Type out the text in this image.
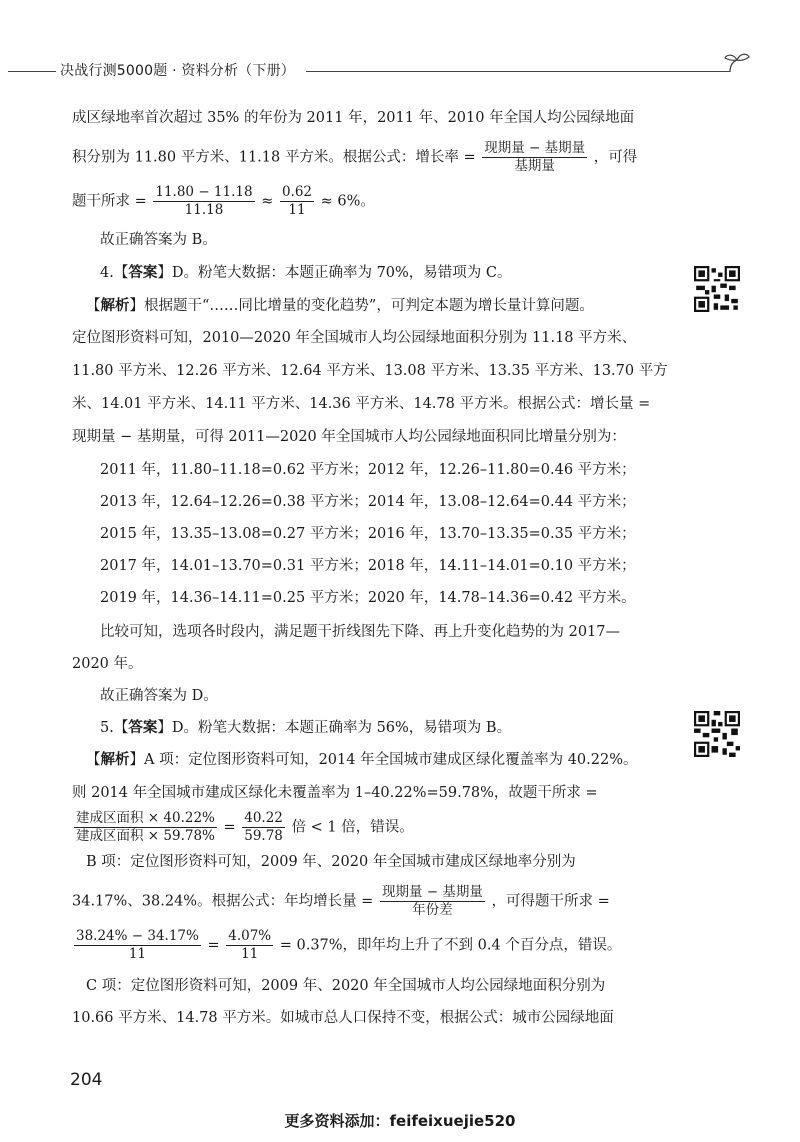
决战行测5000题 · 资料分析（下册）
成区绿地率首次超过 35% 的年份为 2011 年，2011 年、2010 年全国人均公园绿地面
积分别为 11.80 平方米、11.18 平方米。根据公式：增长率 = $\frac{\text{现期量 − 基期量}}{\text{基期量}}$ ，可得
题干所求 = $\frac{11.80 - 11.18}{11.18} \approx \frac{0.62}{11} \approx 6\%$。
故正确答案为 B。
4.【答案】D。粉笔大数据：本题正确率为 70%，易错项为 C。
【解析】根据题干“……同比增量的变化趋势”，可判定本题为增长量计算问题。
定位图形资料可知，2010—2020 年全国城市人均公园绿地面积分别为 11.18 平方米、
11.80 平方米、12.26 平方米、12.64 平方米、13.08 平方米、13.35 平方米、13.70 平方
米、14.01 平方米、14.11 平方米、14.36 平方米、14.78 平方米。根据公式：增长量 =
现期量 − 基期量，可得 2011—2020 年全国城市人均公园绿地面积同比增量分别为：
2011 年，11.80–11.18=0.62 平方米；2012 年，12.26–11.80=0.46 平方米；
2013 年，12.64–12.26=0.38 平方米；2014 年，13.08–12.64=0.44 平方米；
2015 年，13.35–13.08=0.27 平方米；2016 年，13.70–13.35=0.35 平方米；
2017 年，14.01–13.70=0.31 平方米；2018 年，14.11–14.01=0.10 平方米；
2019 年，14.36–14.11=0.25 平方米；2020 年，14.78–14.36=0.42 平方米。
比较可知，选项各时段内，满足题干折线图先下降、再上升变化趋势的为 2017—
2020 年。
故正确答案为 D。
5.【答案】D。粉笔大数据：本题正确率为 56%，易错项为 B。
【解析】A 项：定位图形资料可知，2014 年全国城市建成区绿化覆盖率为 40.22%。
则 2014 年全国城市建成区绿化未覆盖率为 1–40.22%=59.78%，故题干所求 =
$\frac{\text{建成区面积 × 40.22\%}}{\text{建成区面积 × 59.78\%}} = \frac{40.22}{59.78}$ 倍 < 1 倍，错误。
B 项：定位图形资料可知，2009 年、2020 年全国城市建成区绿地率分别为
34.17%、38.24%。根据公式：年均增长量 = $\frac{\text{现期量 − 基期量}}{\text{年份差}}$ ，可得题干所求 =
$\frac{38.24\% - 34.17\%}{11} = \frac{4.07\%}{11} = 0.37\%$，即年均上升了不到 0.4 个百分点，错误。
C 项：定位图形资料可知，2009 年、2020 年全国城市人均公园绿地面积分别为
10.66 平方米、14.78 平方米。如城市总人口保持不变，根据公式：城市公园绿地面
204
更多资料添加：feifeixuejie520
